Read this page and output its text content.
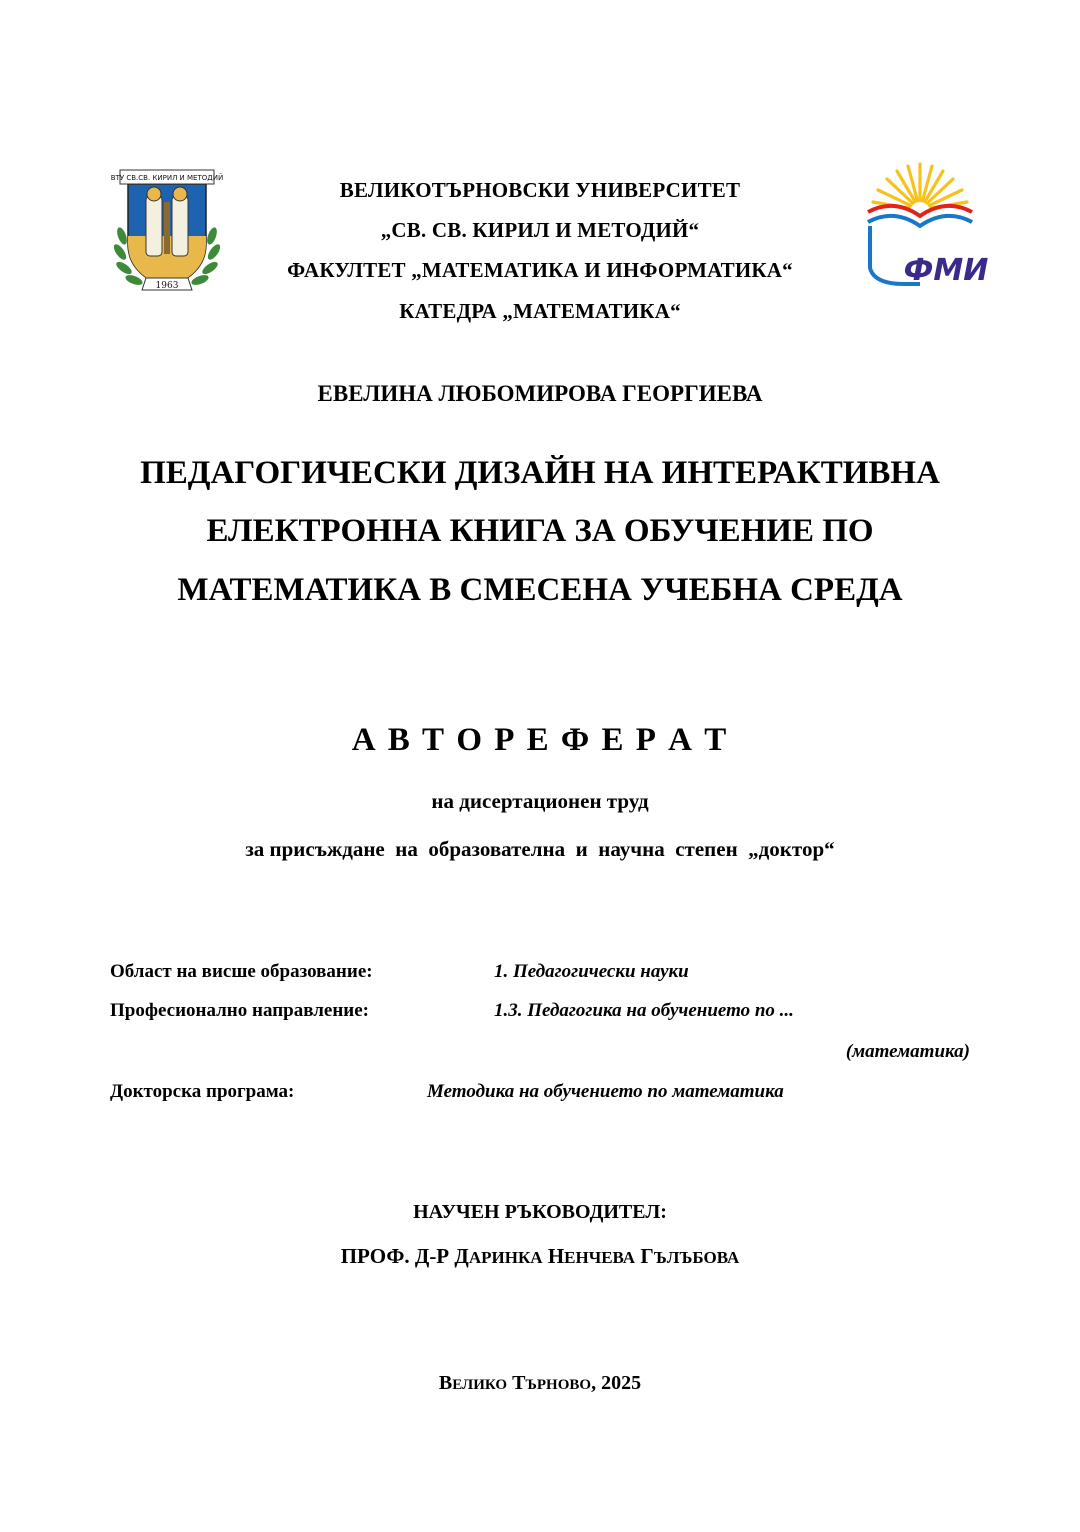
ВТУ СВ.СВ. КИРИЛ И МЕТОДИЙ
1963	ФМИ
ВЕЛИКОТЪРНОВСКИ УНИВЕРСИТЕТ
„СВ. СВ. КИРИЛ И МЕТОДИЙ“
ФАКУЛТЕТ „МАТЕМАТИКА И ИНФОРМАТИКА“
КАТЕДРА „МАТЕМАТИКА“
ЕВЕЛИНА ЛЮБОМИРОВА ГЕОРГИЕВА
ПЕДАГОГИЧЕСКИ ДИЗАЙН НА ИНТЕРАКТИВНА
ЕЛЕКТРОННА КНИГА ЗА ОБУЧЕНИЕ ПО
МАТЕМАТИКА В СМЕСЕНА УЧЕБНА СРЕДА
А В Т О Р Е Ф Е Р А Т
на дисертационен труд
за присъждане  на  образователна  и  научна  степен  „доктор“
Област на висше образование:	1. Педагогически науки
Професионално направление:	1.3. Педагогика на обучението по ...
(математика)
Докторска програма:	Методика на обучението по математика
НАУЧЕН РЪКОВОДИТЕЛ:
ПРОФ. Д-Р ДАРИНКА НЕНЧЕВА ГЪЛЪБОВА
ВЕЛИКО ТЪРНОВО, 2025
